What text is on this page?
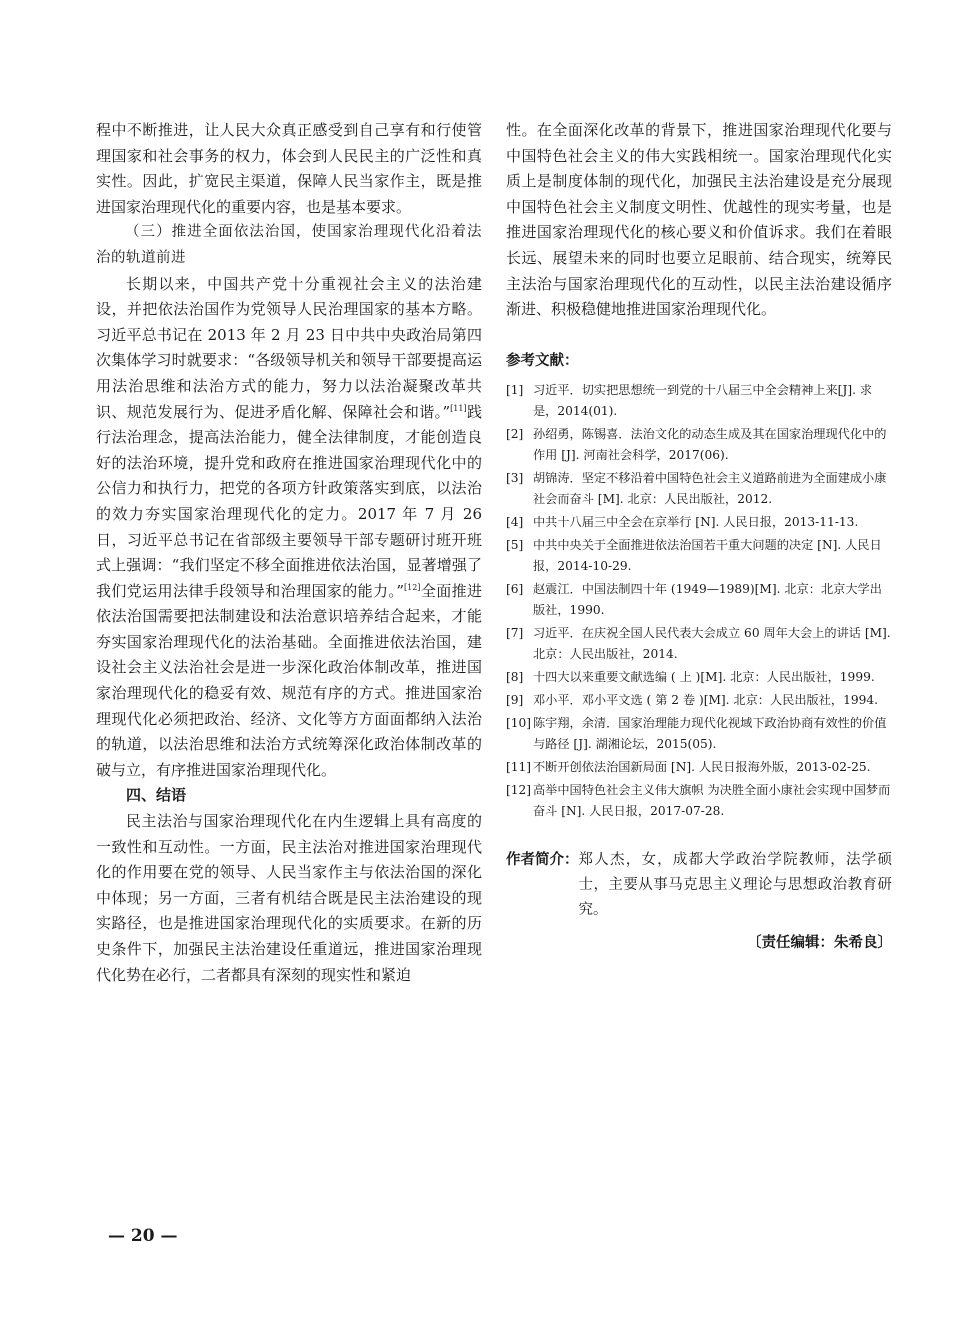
程中不断推进，让人民大众真正感受到自己享有和行使管理国家和社会事务的权力，体会到人民民主的广泛性和真实性。因此，扩宽民主渠道，保障人民当家作主，既是推进国家治理现代化的重要内容，也是基本要求。

（三）推进全面依法治国，使国家治理现代化沿着法治的轨道前进

长期以来，中国共产党十分重视社会主义的法治建设，并把依法治国作为党领导人民治理国家的基本方略。习近平总书记在 2013 年 2 月 23 日中共中央政治局第四次集体学习时就要求：“各级领导机关和领导干部要提高运用法治思维和法治方式的能力，努力以法治凝聚改革共识、规范发展行为、促进矛盾化解、保障社会和谐。”[11]践行法治理念，提高法治能力，健全法律制度，才能创造良好的法治环境，提升党和政府在推进国家治理现代化中的公信力和执行力，把党的各项方针政策落实到底，以法治的效力夯实国家治理现代化的定力。2017 年 7 月 26 日，习近平总书记在省部级主要领导干部专题研讨班开班式上强调：“我们坚定不移全面推进依法治国，显著增强了我们党运用法律手段领导和治理国家的能力。”[12]全面推进依法治国需要把法制建设和法治意识培养结合起来，才能夯实国家治理现代化的法治基础。全面推进依法治国，建设社会主义法治社会是进一步深化政治体制改革，推进国家治理现代化的稳妥有效、规范有序的方式。推进国家治理现代化必须把政治、经济、文化等方方面面都纳入法治的轨道，以法治思维和法治方式统筹深化政治体制改革的破与立，有序推进国家治理现代化。

四、结语

民主法治与国家治理现代化在内生逻辑上具有高度的一致性和互动性。一方面，民主法治对推进国家治理现代化的作用要在党的领导、人民当家作主与依法治国的深化中体现；另一方面，三者有机结合既是民主法治建设的现实路径，也是推进国家治理现代化的实质要求。在新的历史条件下，加强民主法治建设任重道远，推进国家治理现代化势在必行，二者都具有深刻的现实性和紧迫

性。在全面深化改革的背景下，推进国家治理现代化要与中国特色社会主义的伟大实践相统一。国家治理现代化实质上是制度体制的现代化，加强民主法治建设是充分展现中国特色社会主义制度文明性、优越性的现实考量，也是推进国家治理现代化的核心要义和价值诉求。我们在着眼长远、展望未来的同时也要立足眼前、结合现实，统筹民主法治与国家治理现代化的互动性，以民主法治建设循序渐进、积极稳健地推进国家治理现代化。

参考文献：
[1] 习近平．切实把思想统一到党的十八届三中全会精神上来[J]. 求是，2014(01).
[2] 孙绍勇，陈锡喜．法治文化的动态生成及其在国家治理现代化中的作用 [J]. 河南社会科学，2017(06).
[3] 胡锦涛．坚定不移沿着中国特色社会主义道路前进为全面建成小康社会而奋斗 [M]. 北京：人民出版社，2012.
[4] 中共十八届三中全会在京举行 [N]. 人民日报，2013-11-13.
[5] 中共中央关于全面推进依法治国若干重大问题的决定 [N]. 人民日报，2014-10-29.
[6] 赵震江．中国法制四十年 (1949—1989)[M]. 北京：北京大学出版社，1990.
[7] 习近平．在庆祝全国人民代表大会成立 60 周年大会上的讲话 [M]. 北京：人民出版社，2014.
[8] 十四大以来重要文献选编 ( 上 )[M]. 北京：人民出版社，1999.
[9] 邓小平．邓小平文选 ( 第 2 卷 )[M]. 北京：人民出版社，1994.
[10] 陈宇翔，余清．国家治理能力现代化视域下政治协商有效性的价值与路径 [J]. 湖湘论坛，2015(05).
[11] 不断开创依法治国新局面 [N]. 人民日报海外版，2013-02-25.
[12] 高举中国特色社会主义伟大旗帜 为决胜全面小康社会实现中国梦而奋斗 [N]. 人民日报，2017-07-28.
作者简介： 郑人杰，女，成都大学政治学院教师，法学硕士，主要从事马克思主义理论与思想政治教育研究。
〔责任编辑：朱希良〕
— 20 —
